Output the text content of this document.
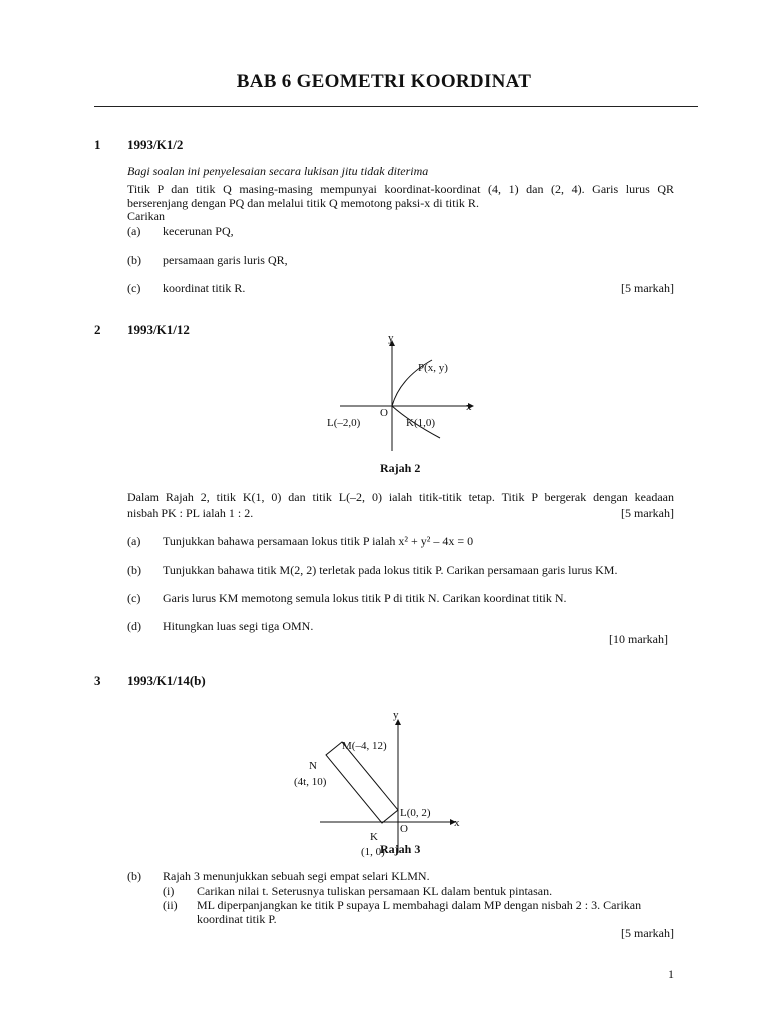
BAB 6 GEOMETRI KOORDINAT
1 1993/K1/2
Bagi soalan ini penyelesaian secara lukisan jitu tidak diterima
Titik P dan titik Q masing-masing mempunyai koordinat-koordinat (4, 1) dan (2, 4). Garis lurus QR
berserenjang dengan PQ dan melalui titik Q memotong paksi-x di titik R.
Carikan
(a) kecerunan PQ,
(b) persamaan garis luris QR,
(c) koordinat titik R.	[5 markah]
2 1993/K1/12
y
x
O
P(x, y)
L(–2,0)	K(1,0)
Rajah 2
Dalam Rajah 2, titik K(1, 0) dan titik L(–2, 0) ialah titik-titik tetap. Titik P bergerak dengan keadaan
nisbah PK : PL ialah 1 : 2.	[5 markah]
(a) Tunjukkan bahawa persamaan lokus titik P ialah x² + y² – 4x = 0
(b) Tunjukkan bahawa titik M(2, 2) terletak pada lokus titik P. Carikan persamaan garis lurus KM.
(c) Garis lurus KM memotong semula lokus titik P di titik N. Carikan koordinat titik N.
(d) Hitungkan luas segi tiga OMN.
[10 markah]
3 1993/K1/14(b)
y
x
O
M(–4, 12)
N
(4t, 10)
L(0, 2)
K
(1, 0)
Rajah 3
(b) Rajah 3 menunjukkan sebuah segi empat selari KLMN.
(i) Carikan nilai t. Seterusnya tuliskan persamaan KL dalam bentuk pintasan.
(ii) ML diperpanjangkan ke titik P supaya L membahagi dalam MP dengan nisbah 2 : 3. Carikan
koordinat titik P.
[5 markah]
1
